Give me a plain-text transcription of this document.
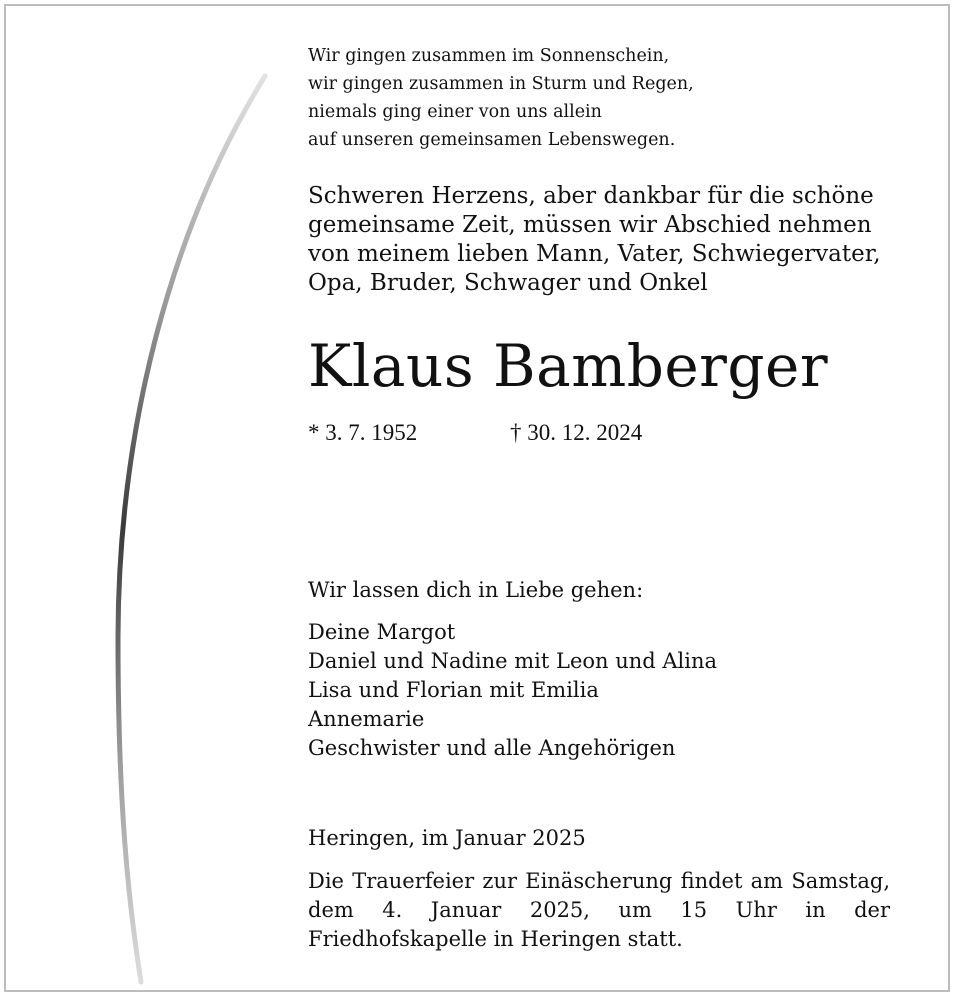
Wir gingen zusammen im Sonnenschein,
wir gingen zusammen in Sturm und Regen,
niemals ging einer von uns allein
auf unseren gemeinsamen Lebenswegen.
Schweren Herzens, aber dankbar für die schöne
gemeinsame Zeit, müssen wir Abschied nehmen
von meinem lieben Mann, Vater, Schwiegervater,
Opa, Bruder, Schwager und Onkel
Klaus Bamberger
* 3. 7. 1952	† 30. 12. 2024
Wir lassen dich in Liebe gehen:
Deine Margot
Daniel und Nadine mit Leon und Alina
Lisa und Florian mit Emilia
Annemarie
Geschwister und alle Angehörigen
Heringen, im Januar 2025
Die Trauerfeier zur Einäscherung findet am Samstag, dem 4. Januar 2025, um 15 Uhr in der Friedhofskapelle in Heringen statt.
